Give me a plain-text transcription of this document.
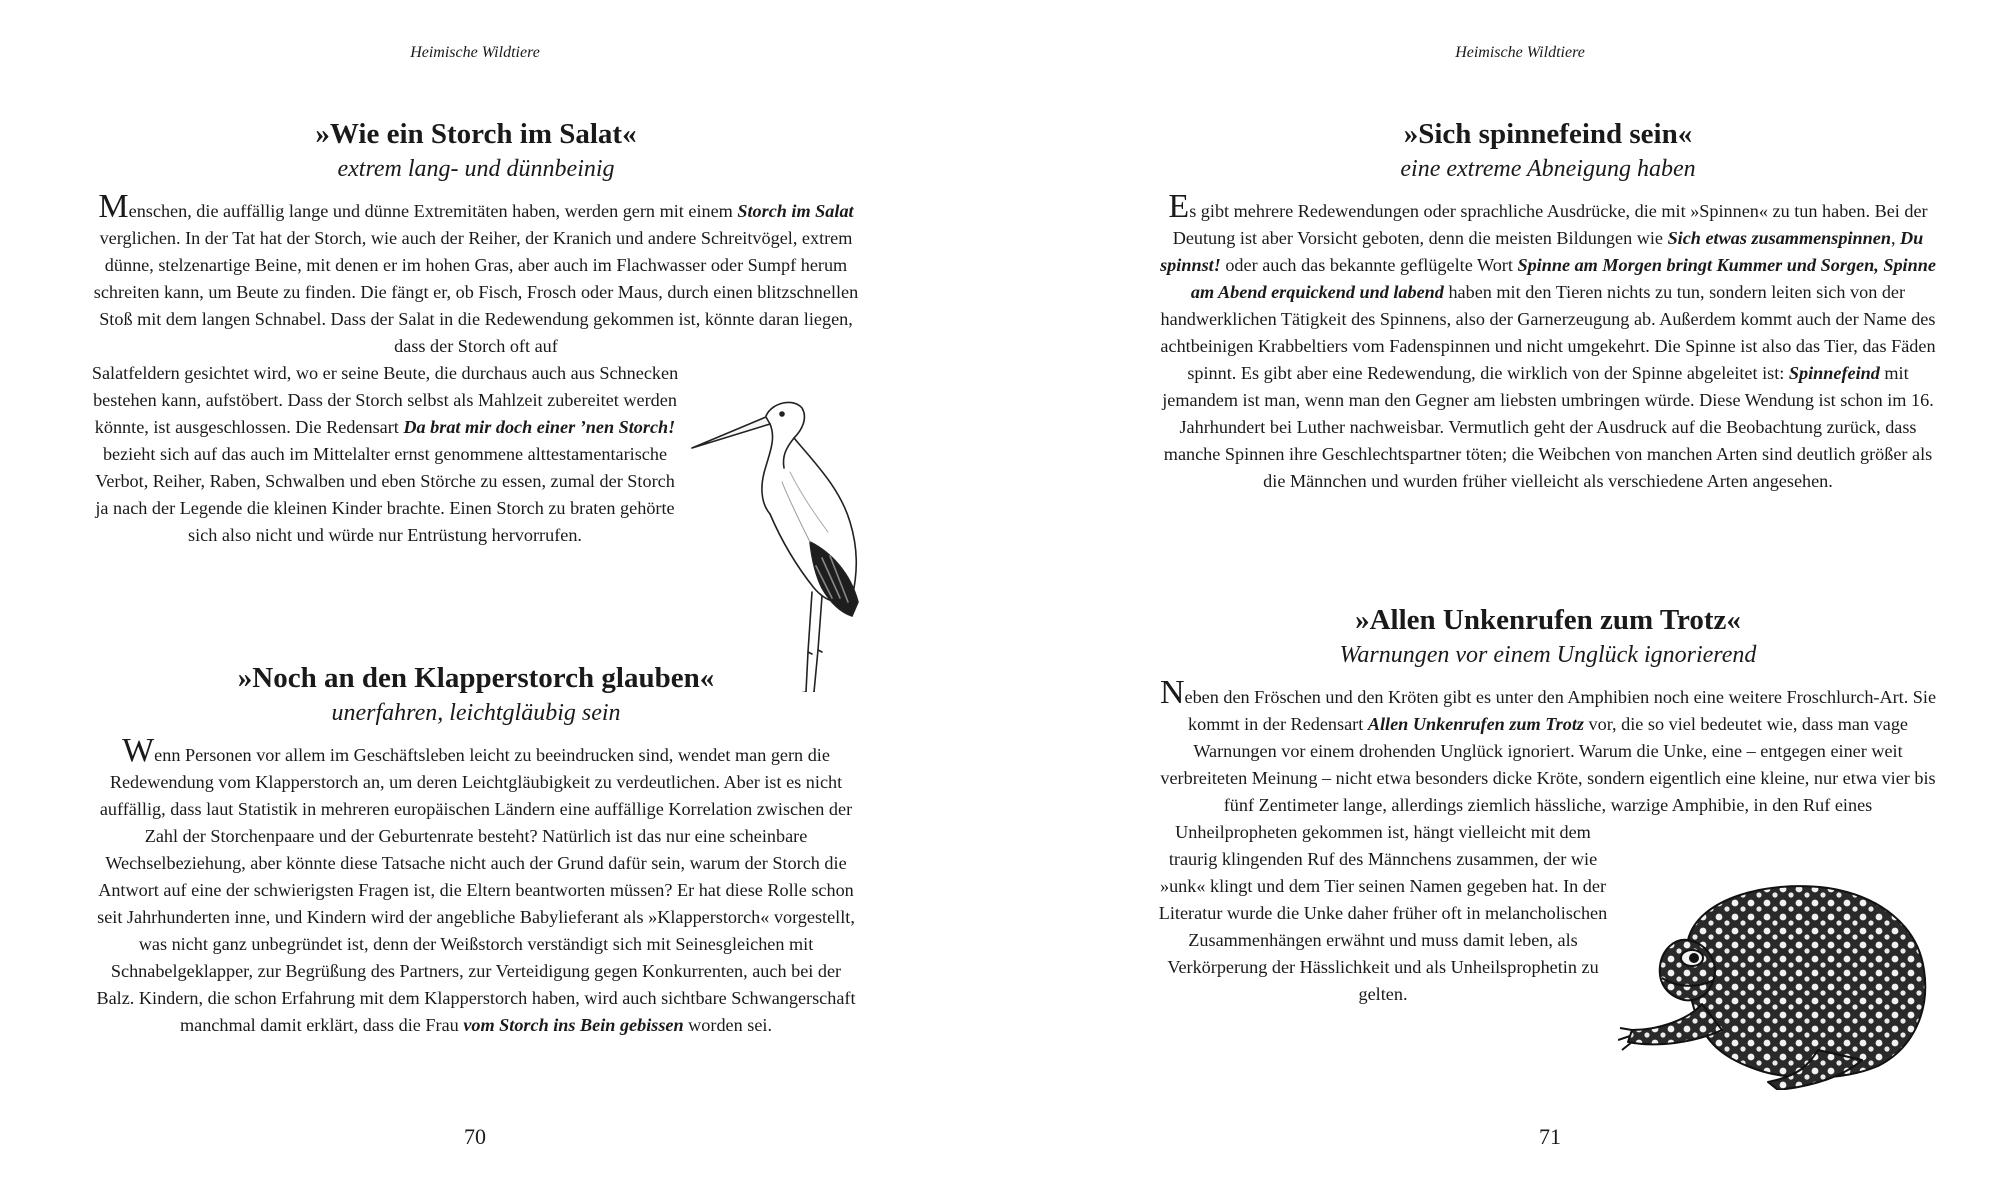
Heimische Wildtiere
»Wie ein Storch im Salat«
extrem lang- und dünnbeinig

Menschen, die auffällig lange und dünne Extremitäten haben, werden gern mit einem Storch im Salat verglichen. In der Tat hat der Storch, wie auch der Reiher, der Kranich und andere Schreitvögel, extrem dünne, stelzenartige Beine, mit denen er im hohen Gras, aber auch im Flachwasser oder Sumpf herum schreiten kann, um Beute zu finden. Die fängt er, ob Fisch, Frosch oder Maus, durch einen blitzschnellen Stoß mit dem langen Schnabel. Dass der Salat in die Redewendung gekommen ist, könnte daran liegen, dass der Storch oft auf

Salatfeldern gesichtet wird, wo er seine Beute, die durchaus auch aus Schnecken bestehen kann, aufstöbert. Dass der Storch selbst als Mahlzeit zubereitet werden könnte, ist ausgeschlossen. Die Redensart Da brat mir doch einer ’nen Storch! bezieht sich auf das auch im Mittelalter ernst genommene alttestamentarische Verbot, Reiher, Raben, Schwalben und eben Störche zu essen, zumal der Storch ja nach der Legende die kleinen Kinder brachte. Einen Storch zu braten gehörte sich also nicht und würde nur Entrüstung hervorrufen.

»Noch an den Klapperstorch glauben«
unerfahren, leichtgläubig sein

Wenn Personen vor allem im Geschäftsleben leicht zu beeindrucken sind, wendet man gern die Redewendung vom Klapperstorch an, um deren Leichtgläubigkeit zu verdeutlichen. Aber ist es nicht auffällig, dass laut Statistik in mehreren europäischen Ländern eine auffällige Korrelation zwischen der Zahl der Storchenpaare und der Geburtenrate besteht? Natürlich ist das nur eine scheinbare Wechselbeziehung, aber könnte diese Tatsache nicht auch der Grund dafür sein, warum der Storch die Antwort auf eine der schwierigsten Fragen ist, die Eltern beantworten müssen? Er hat diese Rolle schon seit Jahrhunderten inne, und Kindern wird der angebliche Babylieferant als »Klapperstorch« vorgestellt, was nicht ganz unbegründet ist, denn der Weißstorch verständigt sich mit Seinesgleichen mit Schnabelgeklapper, zur Begrüßung des Partners, zur Verteidigung gegen Konkurrenten, auch bei der Balz. Kindern, die schon Erfahrung mit dem Klapperstorch haben, wird auch sichtbare Schwangerschaft manchmal damit erklärt, dass die Frau vom Storch ins Bein gebissen worden sei.

70
Heimische Wildtiere
»Sich spinnefeind sein«
eine extreme Abneigung haben

Es gibt mehrere Redewendungen oder sprachliche Ausdrücke, die mit »Spinnen« zu tun haben. Bei der Deutung ist aber Vorsicht geboten, denn die meisten Bildungen wie Sich etwas zusammenspinnen, Du spinnst! oder auch das bekannte geflügelte Wort Spinne am Morgen bringt Kummer und Sorgen, Spinne am Abend erquickend und labend haben mit den Tieren nichts zu tun, sondern leiten sich von der handwerklichen Tätigkeit des Spinnens, also der Garnerzeugung ab. Außerdem kommt auch der Name des achtbeinigen Krabbeltiers vom Fadenspinnen und nicht umgekehrt. Die Spinne ist also das Tier, das Fäden spinnt. Es gibt aber eine Redewendung, die wirklich von der Spinne abgeleitet ist: Spinnefeind mit jemandem ist man, wenn man den Gegner am liebsten umbringen würde. Diese Wendung ist schon im 16. Jahrhundert bei Luther nachweisbar. Vermutlich geht der Ausdruck auf die Beobachtung zurück, dass manche Spinnen ihre Geschlechtspartner töten; die Weibchen von manchen Arten sind deutlich größer als die Männchen und wurden früher vielleicht als verschiedene Arten angesehen.

»Allen Unkenrufen zum Trotz«
Warnungen vor einem Unglück ignorierend

Neben den Fröschen und den Kröten gibt es unter den Amphibien noch eine weitere Froschlurch-Art. Sie kommt in der Redensart Allen Unkenrufen zum Trotz vor, die so viel bedeutet wie, dass man vage Warnungen vor einem drohenden Unglück ignoriert. Warum die Unke, eine – entgegen einer weit verbreiteten Meinung – nicht etwa besonders dicke Kröte, sondern eigentlich eine kleine, nur etwa vier bis fünf Zentimeter lange, allerdings ziemlich hässliche, warzige Amphibie, in den Ruf eines

Unheilpropheten gekommen ist, hängt vielleicht mit dem traurig klingenden Ruf des Männchens zusammen, der wie »unk« klingt und dem Tier seinen Namen gegeben hat. In der Literatur wurde die Unke daher früher oft in melancholischen Zusammenhängen erwähnt und muss damit leben, als Verkörperung der Hässlichkeit und als Unheilsprophetin zu gelten.

71
